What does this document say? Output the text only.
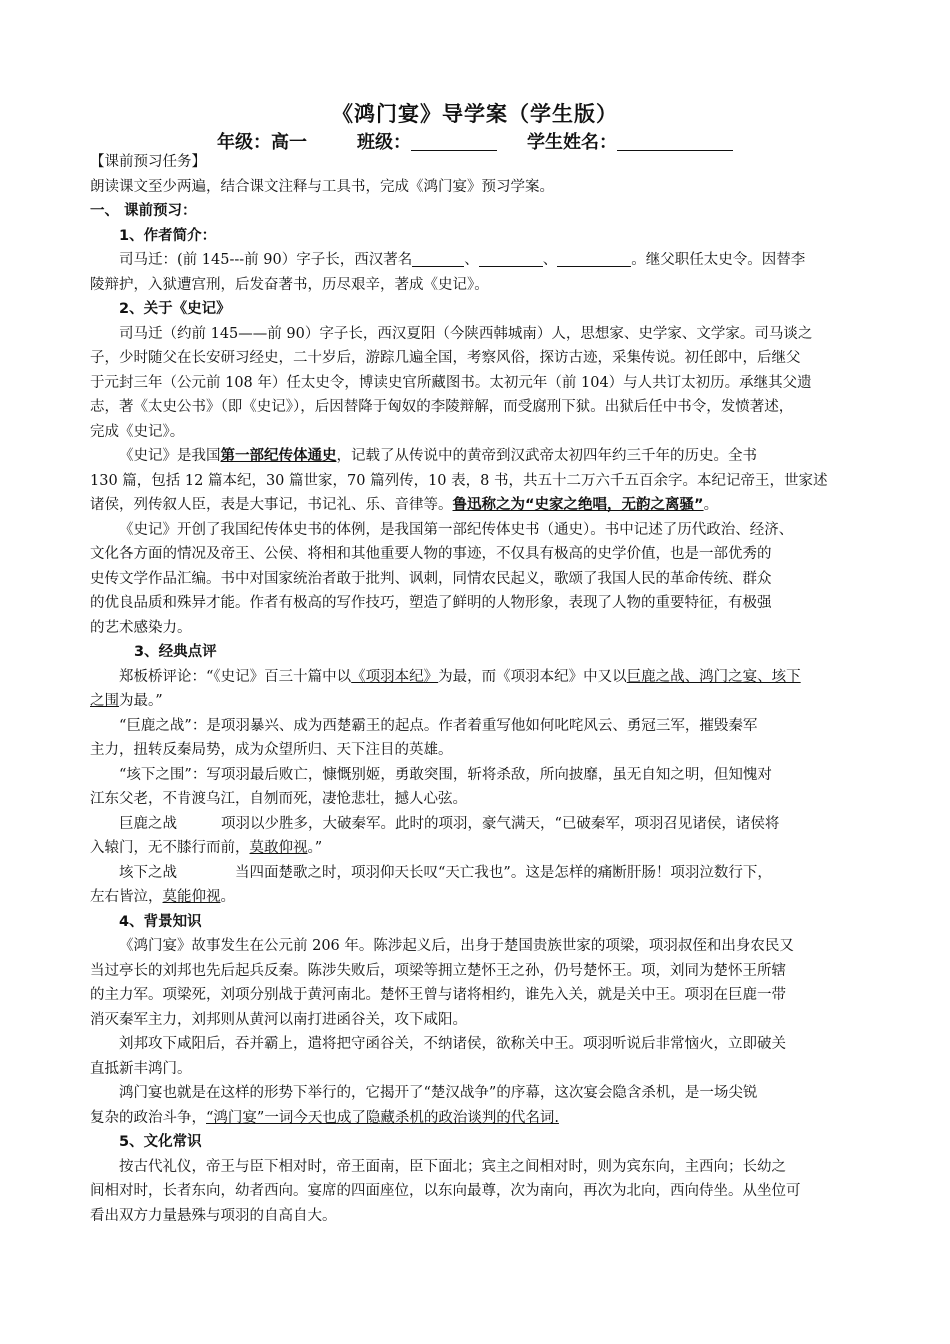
《鸿门宴》导学案（学生版）
年级：高一	班级：	学生姓名：
【课前预习任务】
朗读课文至少两遍，结合课文注释与工具书，完成《鸿门宴》预习学案。
一、 课前预习：
1、作者简介：
司马迁：(前 145---前 90）字子长，西汉著名	、	、	。继父职任太史令。因替李
陵辩护，入狱遭宫刑，后发奋著书，历尽艰辛，著成《史记》。
2、关于《史记》
司马迁（约前 145——前 90）字子长，西汉夏阳（今陕西韩城南）人，思想家、史学家、文学家。司马谈之
子，少时随父在长安研习经史，二十岁后，游踪几遍全国，考察风俗，探访古迹，采集传说。初任郎中，后继父
于元封三年（公元前 108 年）任太史令，博读史官所藏图书。太初元年（前 104）与人共订太初历。承继其父遗
志，著《太史公书》（即《史记》），后因替降于匈奴的李陵辩解，而受腐刑下狱。出狱后任中书令，发愤著述，
完成《史记》。
《史记》是我国第一部纪传体通史，记载了从传说中的黄帝到汉武帝太初四年约三千年的历史。全书
130 篇，包括 12 篇本纪，30 篇世家，70 篇列传，10 表，8 书，共五十二万六千五百余字。本纪记帝王，世家述
诸侯，列传叙人臣，表是大事记，书记礼、乐、音律等。鲁迅称之为“史家之绝唱，无韵之离骚”。
《史记》开创了我国纪传体史书的体例，是我国第一部纪传体史书（通史）。书中记述了历代政治、经济、
文化各方面的情况及帝王、公侯、将相和其他重要人物的事迹，不仅具有极高的史学价值，也是一部优秀的
史传文学作品汇编。书中对国家统治者敢于批判、讽刺，同情农民起义，歌颂了我国人民的革命传统、群众
的优良品质和殊异才能。作者有极高的写作技巧，塑造了鲜明的人物形象，表现了人物的重要特征，有极强
的艺术感染力。
3、经典点评
郑板桥评论：“《史记》百三十篇中以《项羽本纪》为最，而《项羽本纪》中又以巨鹿之战、鸿门之宴、垓下
之围为最。”
“巨鹿之战”：是项羽暴兴、成为西楚霸王的起点。作者着重写他如何叱咤风云、勇冠三军，摧毁秦军
主力，扭转反秦局势，成为众望所归、天下注目的英雄。
“垓下之围”：写项羽最后败亡，慷慨别姬，勇敢突围，斩将杀敌，所向披靡，虽无自知之明，但知愧对
江东父老，不肯渡乌江，自刎而死，凄怆悲壮，撼人心弦。
巨鹿之战	项羽以少胜多，大破秦军。此时的项羽，豪气满天，“已破秦军，项羽召见诸侯，诸侯将
入辕门，无不膝行而前，莫敢仰视。”
垓下之战	当四面楚歌之时，项羽仰天长叹“天亡我也”。这是怎样的痛断肝肠！项羽泣数行下，
左右皆泣，莫能仰视。
4、背景知识
《鸿门宴》故事发生在公元前 206 年。陈涉起义后，出身于楚国贵族世家的项梁，项羽叔侄和出身农民又
当过亭长的刘邦也先后起兵反秦。陈涉失败后，项梁等拥立楚怀王之孙，仍号楚怀王。项，刘同为楚怀王所辖
的主力军。项梁死，刘项分别战于黄河南北。楚怀王曾与诸将相约，谁先入关，就是关中王。项羽在巨鹿一带
消灭秦军主力，刘邦则从黄河以南打进函谷关，攻下咸阳。
刘邦攻下咸阳后，吞并霸上，遣将把守函谷关，不纳诸侯，欲称关中王。项羽听说后非常恼火，立即破关
直抵新丰鸿门。
鸿门宴也就是在这样的形势下举行的，它揭开了“楚汉战争”的序幕，这次宴会隐含杀机，是一场尖锐
复杂的政治斗争，“鸿门宴”一词今天也成了隐藏杀机的政治谈判的代名词.
5、文化常识
按古代礼仪，帝王与臣下相对时，帝王面南，臣下面北；宾主之间相对时，则为宾东向，主西向；长幼之
间相对时，长者东向，幼者西向。宴席的四面座位，以东向最尊，次为南向，再次为北向，西向侍坐。从坐位可
看出双方力量悬殊与项羽的自高自大。
